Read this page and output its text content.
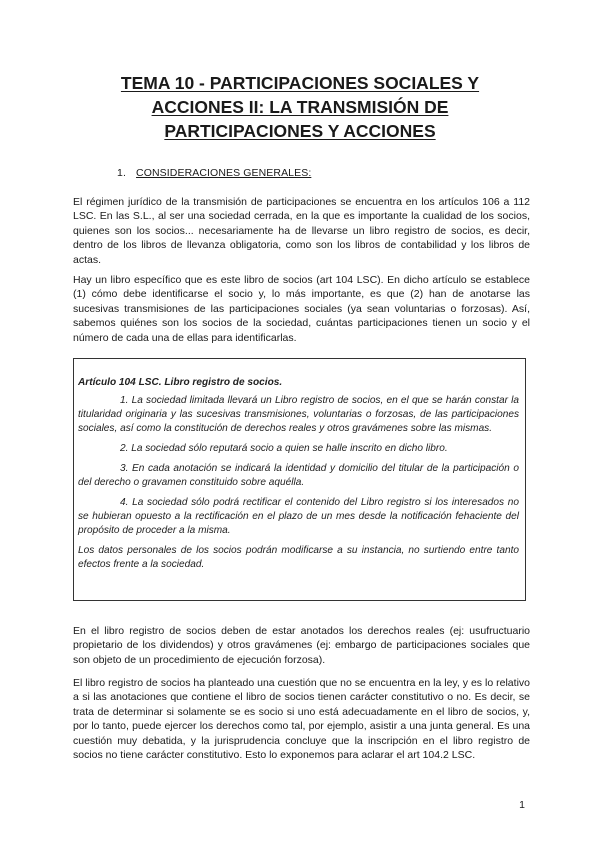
TEMA 10 - PARTICIPACIONES SOCIALES Y
ACCIONES II: LA TRANSMISIÓN DE
PARTICIPACIONES Y ACCIONES
1. CONSIDERACIONES GENERALES:

El régimen jurídico de la transmisión de participaciones se encuentra en los artículos 106 a 112 LSC. En las S.L., al ser una sociedad cerrada, en la que es importante la cualidad de los socios, quienes son los socios... necesariamente ha de llevarse un libro registro de socios, es decir, dentro de los libros de llevanza obligatoria, como son los libros de contabilidad y los libros de actas.

Hay un libro específico que es este libro de socios (art 104 LSC). En dicho artículo se establece (1) cómo debe identificarse el socio y, lo más importante, es que (2) han de anotarse las sucesivas transmisiones de las participaciones sociales (ya sean voluntarias o forzosas). Así, sabemos quiénes son los socios de la sociedad, cuántas participaciones tienen un socio y el número de cada una de ellas para identificarlas.

Artículo 104 LSC. Libro registro de socios.

1. La sociedad limitada llevará un Libro registro de socios, en el que se harán constar la titularidad originaria y las sucesivas transmisiones, voluntarias o forzosas, de las participaciones sociales, así como la constitución de derechos reales y otros gravámenes sobre las mismas.

2. La sociedad sólo reputará socio a quien se halle inscrito en dicho libro.

3. En cada anotación se indicará la identidad y domicilio del titular de la participación o del derecho o gravamen constituido sobre aquélla.

4. La sociedad sólo podrá rectificar el contenido del Libro registro si los interesados no se hubieran opuesto a la rectificación en el plazo de un mes desde la notificación fehaciente del propósito de proceder a la misma.

Los datos personales de los socios podrán modificarse a su instancia, no surtiendo entre tanto efectos frente a la sociedad.

En el libro registro de socios deben de estar anotados los derechos reales (ej: usufructuario propietario de los dividendos) y otros gravámenes (ej: embargo de participaciones sociales que son objeto de un procedimiento de ejecución forzosa).

El libro registro de socios ha planteado una cuestión que no se encuentra en la ley, y es lo relativo a si las anotaciones que contiene el libro de socios tienen carácter constitutivo o no. Es decir, se trata de determinar si solamente se es socio si uno está adecuadamente en el libro de socios, y, por lo tanto, puede ejercer los derechos como tal, por ejemplo, asistir a una junta general. Es una cuestión muy debatida, y la jurisprudencia concluye que la inscripción en el libro registro de socios no tiene carácter constitutivo. Esto lo exponemos para aclarar el art 104.2 LSC.

1
